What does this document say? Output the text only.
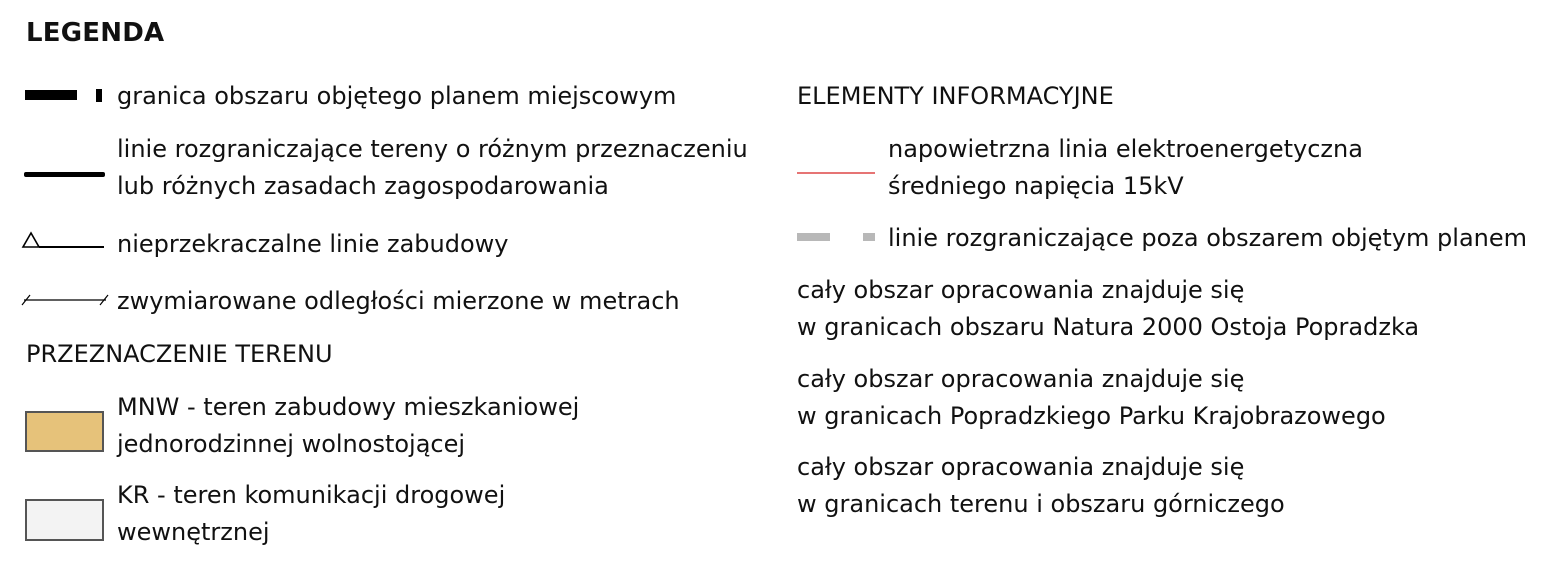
LEGENDA
granica obszaru objętego planem miejscowym
linie rozgraniczające tereny o różnym przeznaczeniu
lub różnych zasadach zagospodarowania
nieprzekraczalne linie zabudowy
zwymiarowane odległości mierzone w metrach
PRZEZNACZENIE TERENU
MNW - teren zabudowy mieszkaniowej
jednorodzinnej wolnostojącej
KR - teren komunikacji drogowej
wewnętrznej
ELEMENTY INFORMACYJNE
napowietrzna linia elektroenergetyczna
średniego napięcia 15kV
linie rozgraniczające poza obszarem objętym planem
cały obszar opracowania znajduje się
w granicach obszaru Natura 2000 Ostoja Popradzka
cały obszar opracowania znajduje się
w granicach Popradzkiego Parku Krajobrazowego
cały obszar opracowania znajduje się
w granicach terenu i obszaru górniczego
